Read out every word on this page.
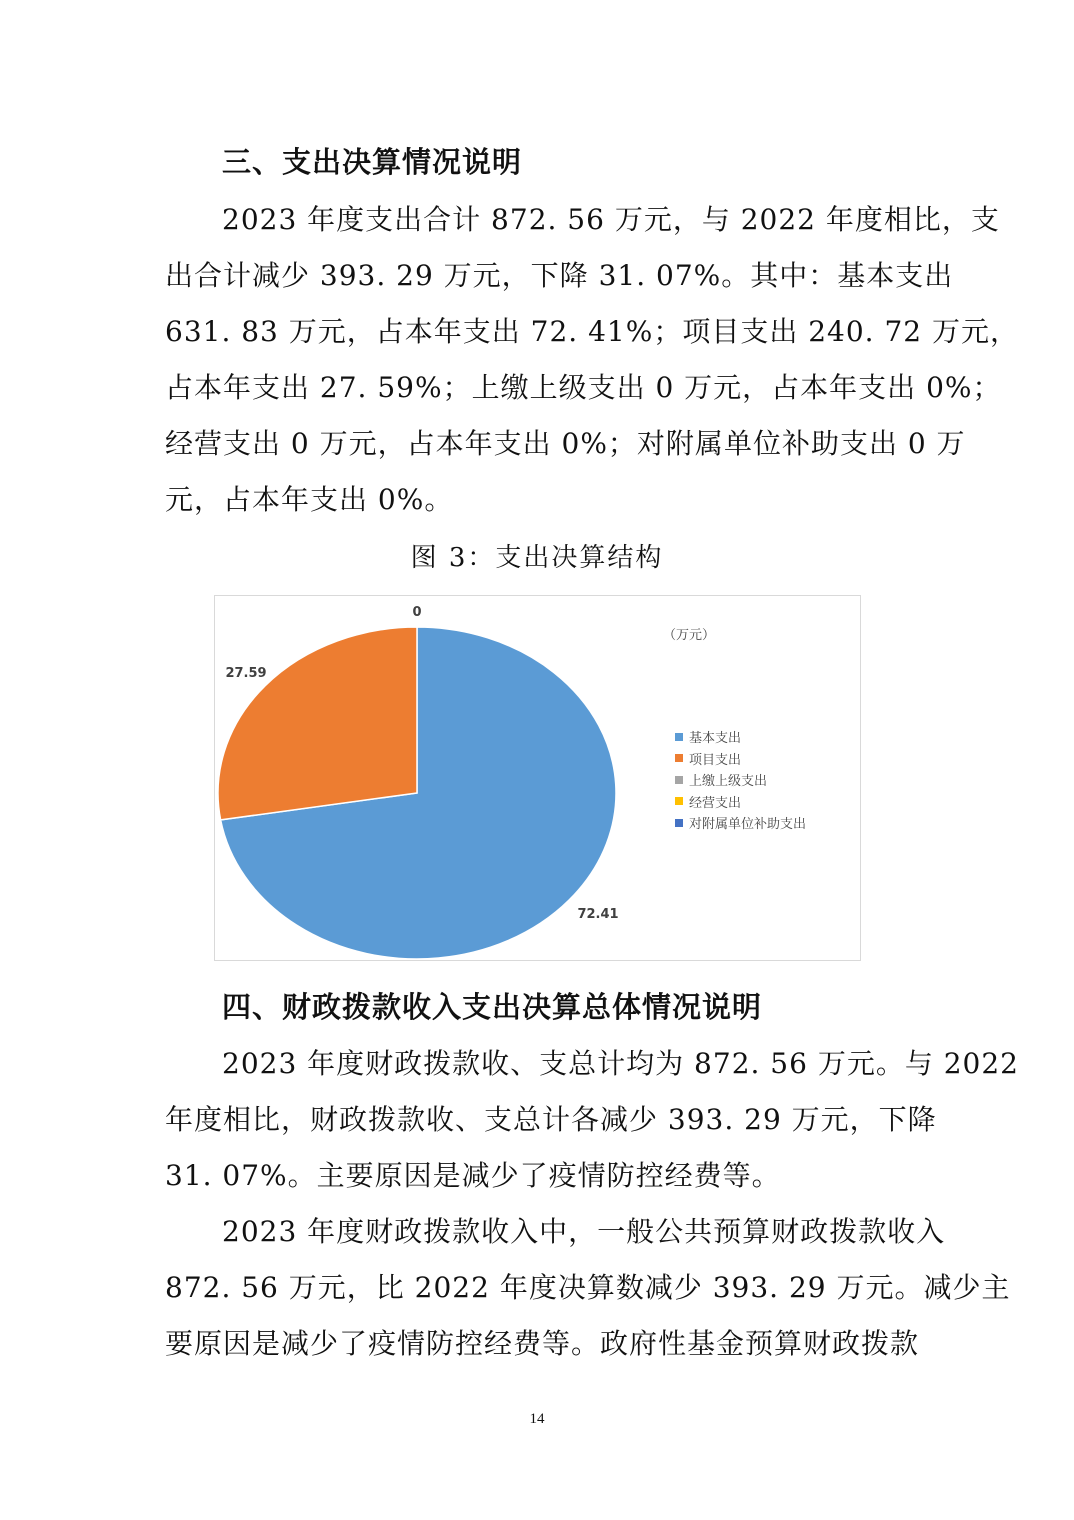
三、支出决算情况说明
2023 年度支出合计 872. 56 万元，与 2022 年度相比，支
出合计减少 393. 29 万元，下降 31. 07%。其中：基本支出
631. 83 万元，占本年支出 72. 41%；项目支出 240. 72 万元，
占本年支出 27. 59%；上缴上级支出 0 万元，占本年支出 0%；
经营支出 0 万元，占本年支出 0%；对附属单位补助支出 0 万
元，占本年支出 0%。
图 3：支出决算结构
72.41
27.59
0
（万元）
基本支出
项目支出
上缴上级支出
经营支出
对附属单位补助支出
四、财政拨款收入支出决算总体情况说明
2023 年度财政拨款收、支总计均为 872. 56 万元。与 2022
年度相比，财政拨款收、支总计各减少 393. 29 万元，下降
31. 07%。主要原因是减少了疫情防控经费等。
2023 年度财政拨款收入中，一般公共预算财政拨款收入
872. 56 万元，比 2022 年度决算数减少 393. 29 万元。减少主
要原因是减少了疫情防控经费等。政府性基金预算财政拨款
14
